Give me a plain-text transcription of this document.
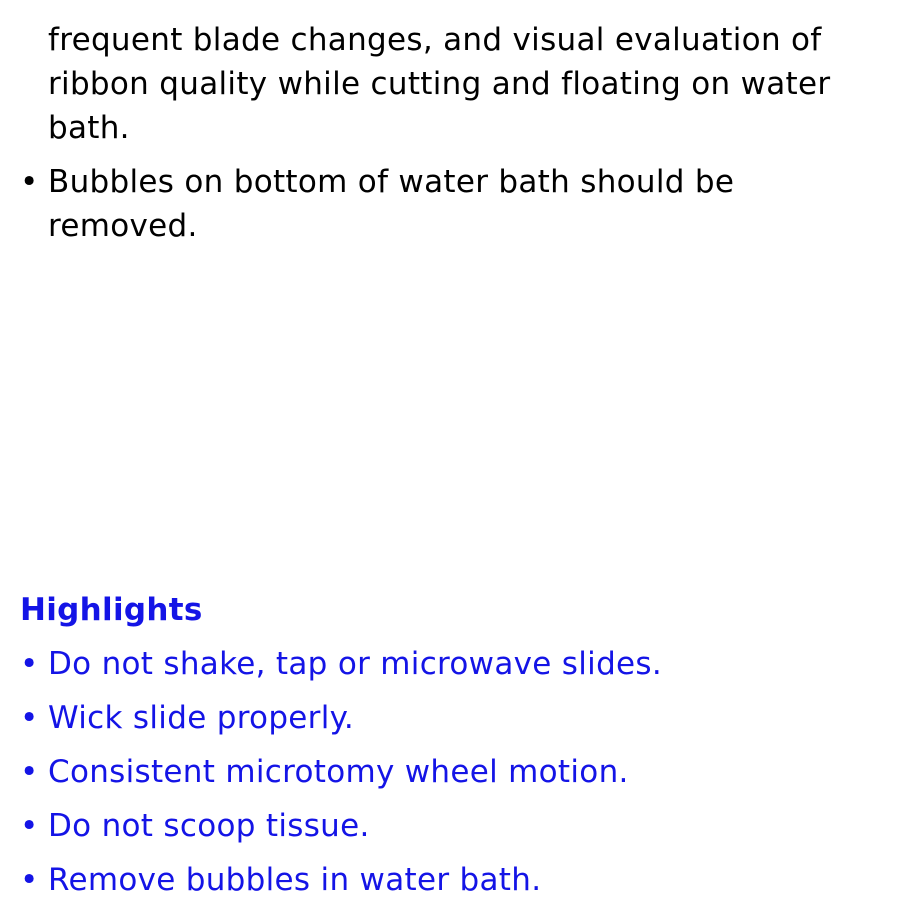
frequent blade changes, and visual evaluation of ribbon quality while cutting and floating on water bath.
• Bubbles on bottom of water bath should be removed.
Highlights
• Do not shake, tap or microwave slides.
• Wick slide properly.
• Consistent microtomy wheel motion.
• Do not scoop tissue.
• Remove bubbles in water bath.
